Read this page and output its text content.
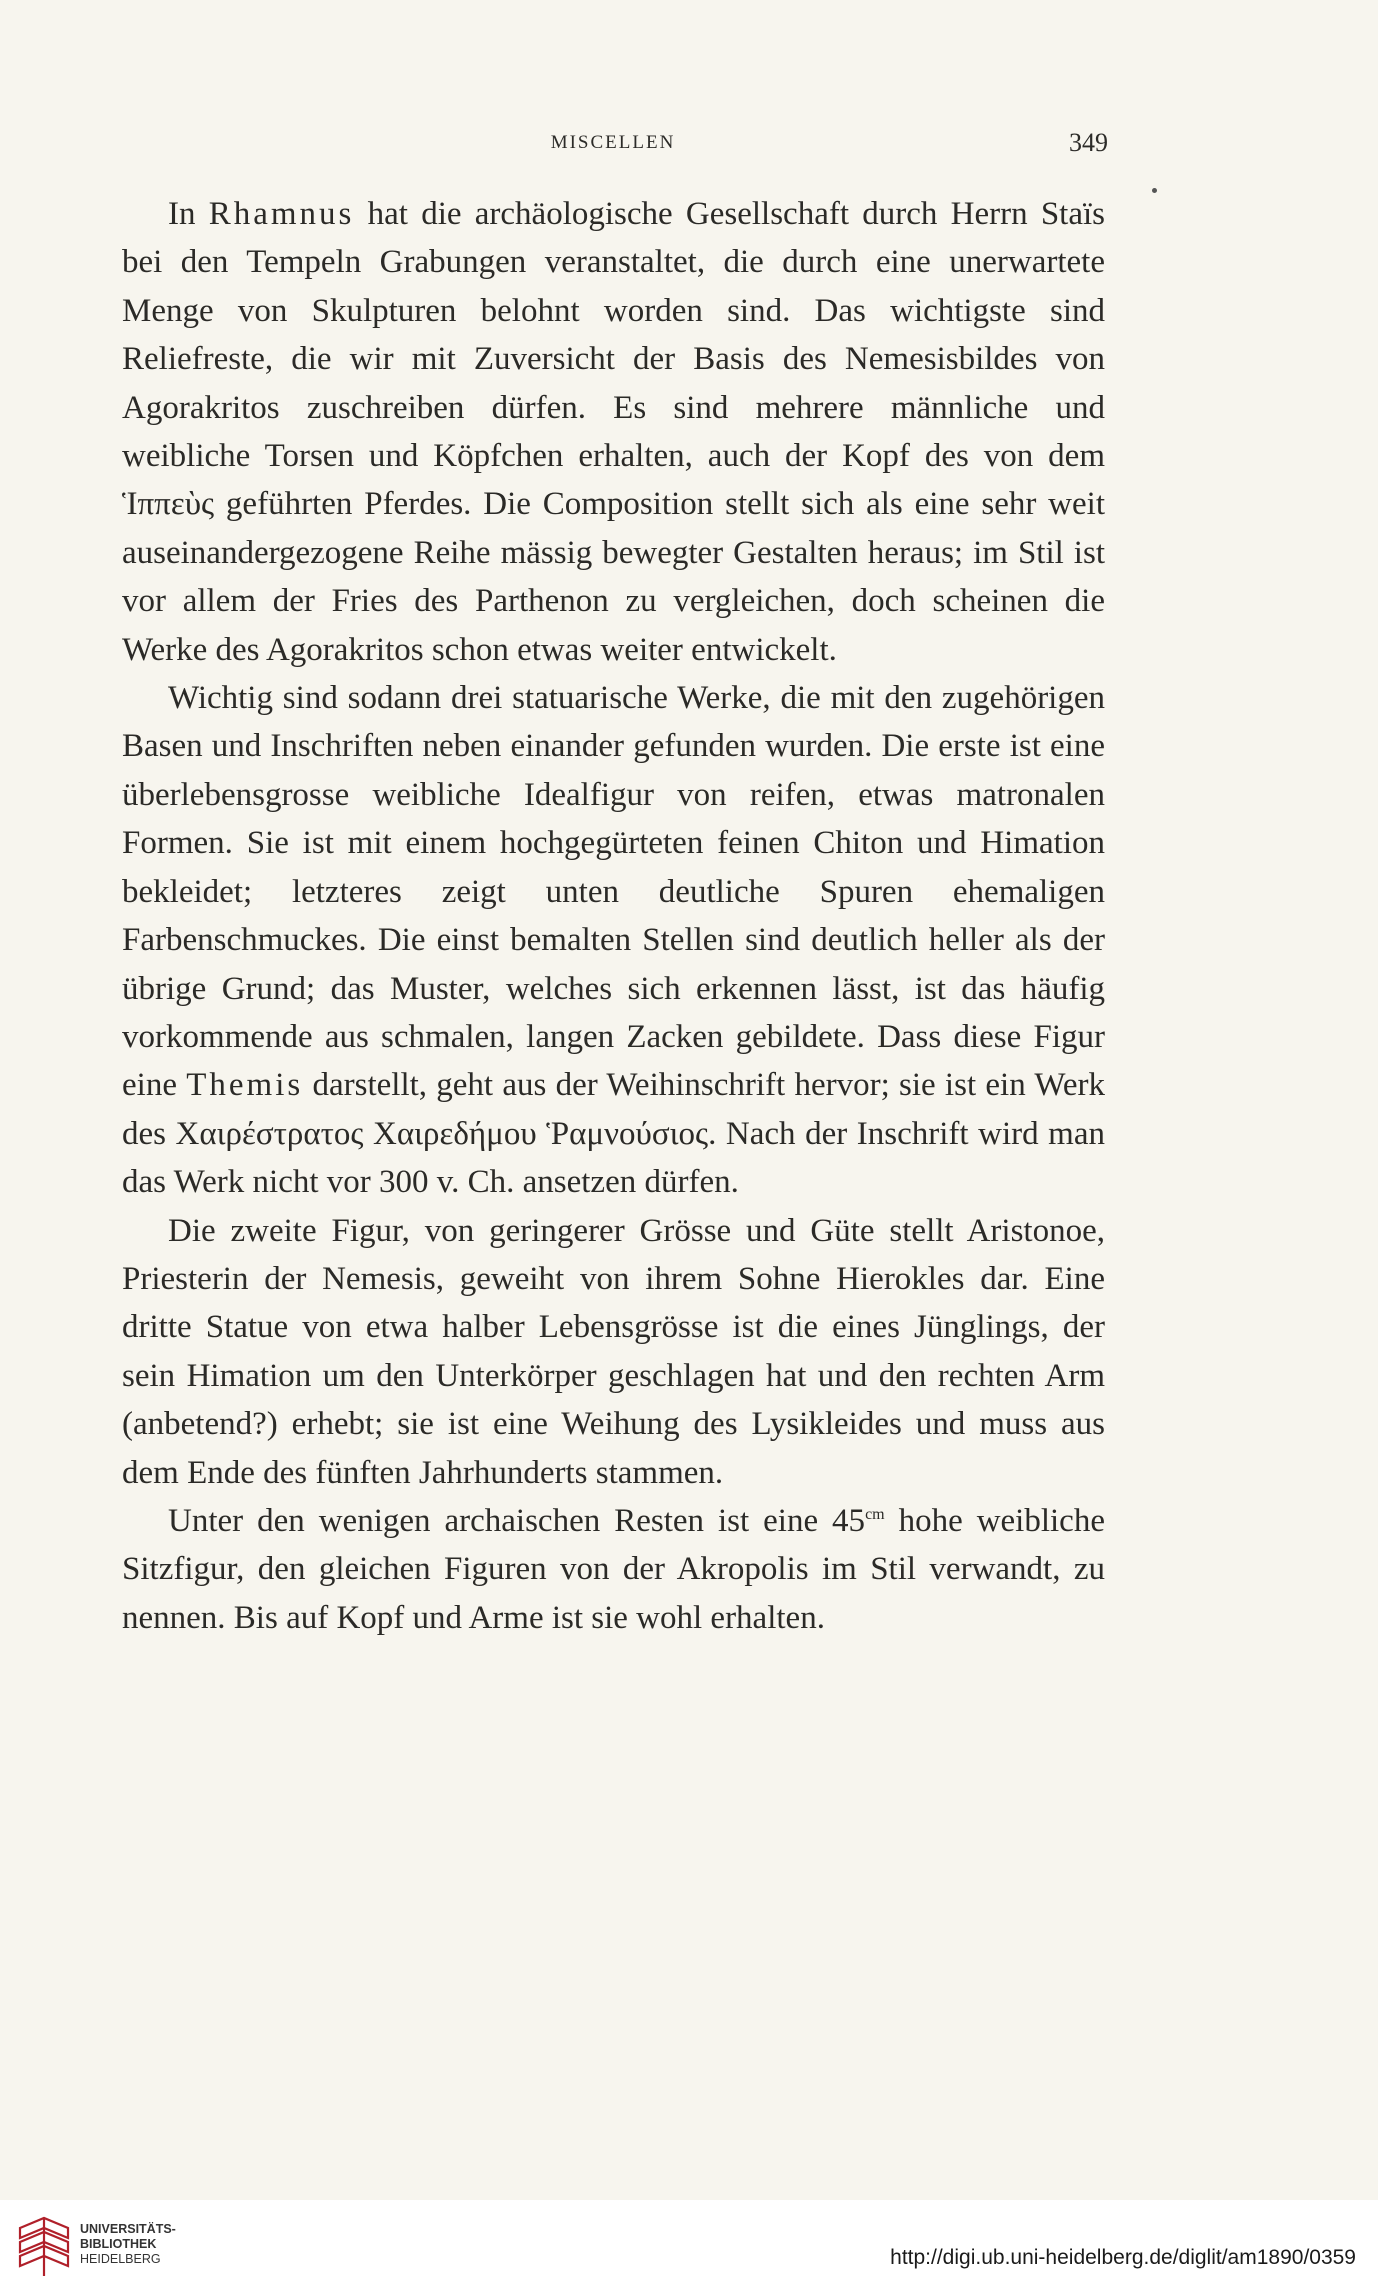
MISCELLEN	349

In Rhamnus hat die archäologische Gesellschaft durch Herrn Staïs bei den Tempeln Grabungen veranstaltet, die durch eine unerwartete Menge von Skulpturen belohnt worden sind. Das wichtigste sind Reliefreste, die wir mit Zuversicht der Basis des Nemesisbildes von Agorakritos zuschreiben dürfen. Es sind mehrere männliche und weibliche Torsen und Köpfchen erhalten, auch der Kopf des von dem Ἱππεὺς geführten Pferdes. Die Composition stellt sich als eine sehr weit auseinandergezogene Reihe mässig bewegter Gestalten heraus; im Stil ist vor allem der Fries des Parthenon zu vergleichen, doch scheinen die Werke des Agorakritos schon etwas weiter entwickelt.

Wichtig sind sodann drei statuarische Werke, die mit den zugehörigen Basen und Inschriften neben einander gefunden wurden. Die erste ist eine überlebensgrosse weibliche Idealfigur von reifen, etwas matronalen Formen. Sie ist mit einem hochgegürteten feinen Chiton und Himation bekleidet; letzteres zeigt unten deutliche Spuren ehemaligen Farbenschmuckes. Die einst bemalten Stellen sind deutlich heller als der übrige Grund; das Muster, welches sich erkennen lässt, ist das häufig vorkommende aus schmalen, langen Zacken gebildete. Dass diese Figur eine Themis darstellt, geht aus der Weihinschrift hervor; sie ist ein Werk des Χαιρέστρατος Χαιρεδήμου Ῥαμνούσιος. Nach der Inschrift wird man das Werk nicht vor 300 v. Ch. ansetzen dürfen.

Die zweite Figur, von geringerer Grösse und Güte stellt Aristonoe, Priesterin der Nemesis, geweiht von ihrem Sohne Hierokles dar. Eine dritte Statue von etwa halber Lebensgrösse ist die eines Jünglings, der sein Himation um den Unterkörper geschlagen hat und den rechten Arm (anbetend?) erhebt; sie ist eine Weihung des Lysikleides und muss aus dem Ende des fünften Jahrhunderts stammen.

Unter den wenigen archaischen Resten ist eine $45^{cm}$ hohe weibliche Sitzfigur, den gleichen Figuren von der Akropolis im Stil verwandt, zu nennen. Bis auf Kopf und Arme ist sie wohl erhalten.

UNIVERSITÄTS-
BIBLIOTHEK
HEIDELBERG	http://digi.ub.uni-heidelberg.de/diglit/am1890/0359
